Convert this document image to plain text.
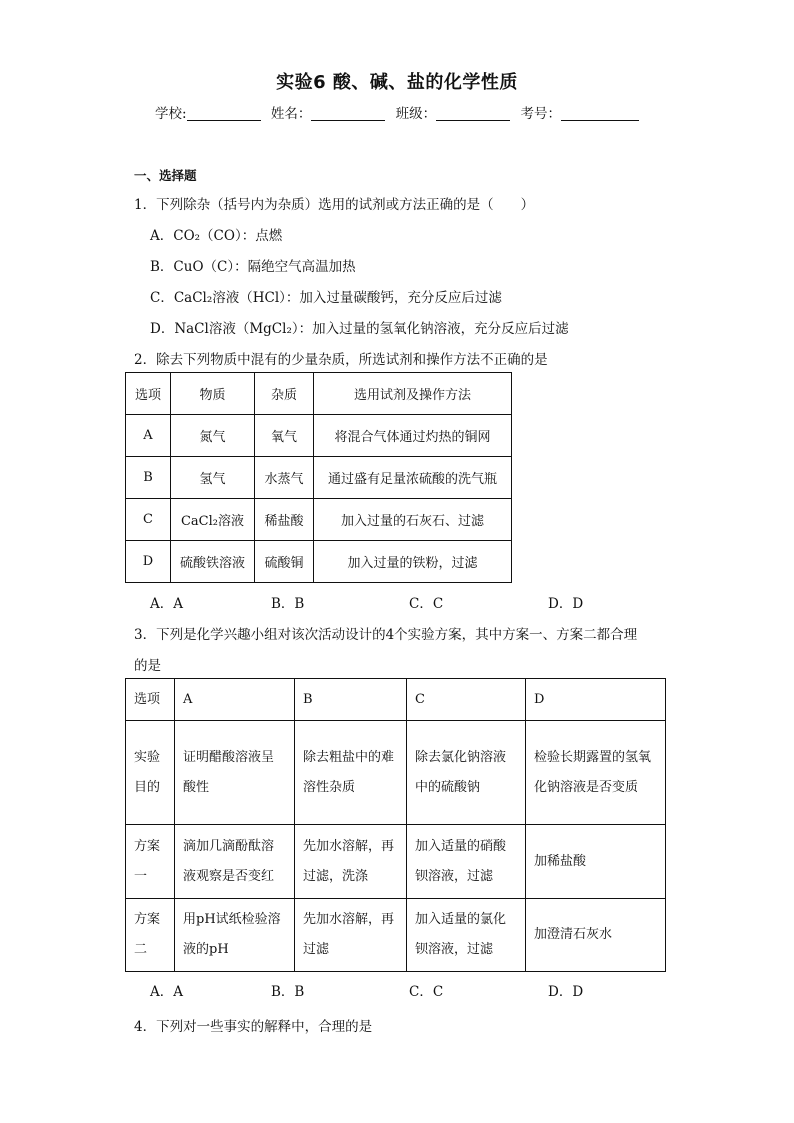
实验6 酸、碱、盐的化学性质
学校:	姓名：	班级：	考号：
一、选择题
1．下列除杂（括号内为杂质）选用的试剂或方法正确的是（　　）
A．CO₂（CO）：点燃
B．CuO（C）：隔绝空气高温加热
C．CaCl₂溶液（HCl）：加入过量碳酸钙，充分反应后过滤
D．NaCl溶液（MgCl₂）：加入过量的氢氧化钠溶液，充分反应后过滤
2．除去下列物质中混有的少量杂质，所选试剂和操作方法不正确的是
选项	物质	杂质	选用试剂及操作方法
A	氮气	氧气	将混合气体通过灼热的铜网
B	氢气	水蒸气	通过盛有足量浓硫酸的洗气瓶
C	CaCl₂溶液	稀盐酸	加入过量的石灰石、过滤
D	硫酸铁溶液	硫酸铜	加入过量的铁粉，过滤
A．A	B．B	C．C	D．D
3．下列是化学兴趣小组对该次活动设计的4个实验方案，其中方案一、方案二都合理
的是
选项	A	B	C	D
实验目的	证明醋酸溶液呈酸性	除去粗盐中的难溶性杂质	除去氯化钠溶液中的硫酸钠	检验长期露置的氢氧化钠溶液是否变质
方案一	滴加几滴酚酞溶液观察是否变红	先加水溶解，再过滤，洗涤	加入适量的硝酸钡溶液，过滤	加稀盐酸
方案二	用pH试纸检验溶液的pH	先加水溶解，再过滤	加入适量的氯化钡溶液，过滤	加澄清石灰水
A．A	B．B	C．C	D．D
4．下列对一些事实的解释中，合理的是
